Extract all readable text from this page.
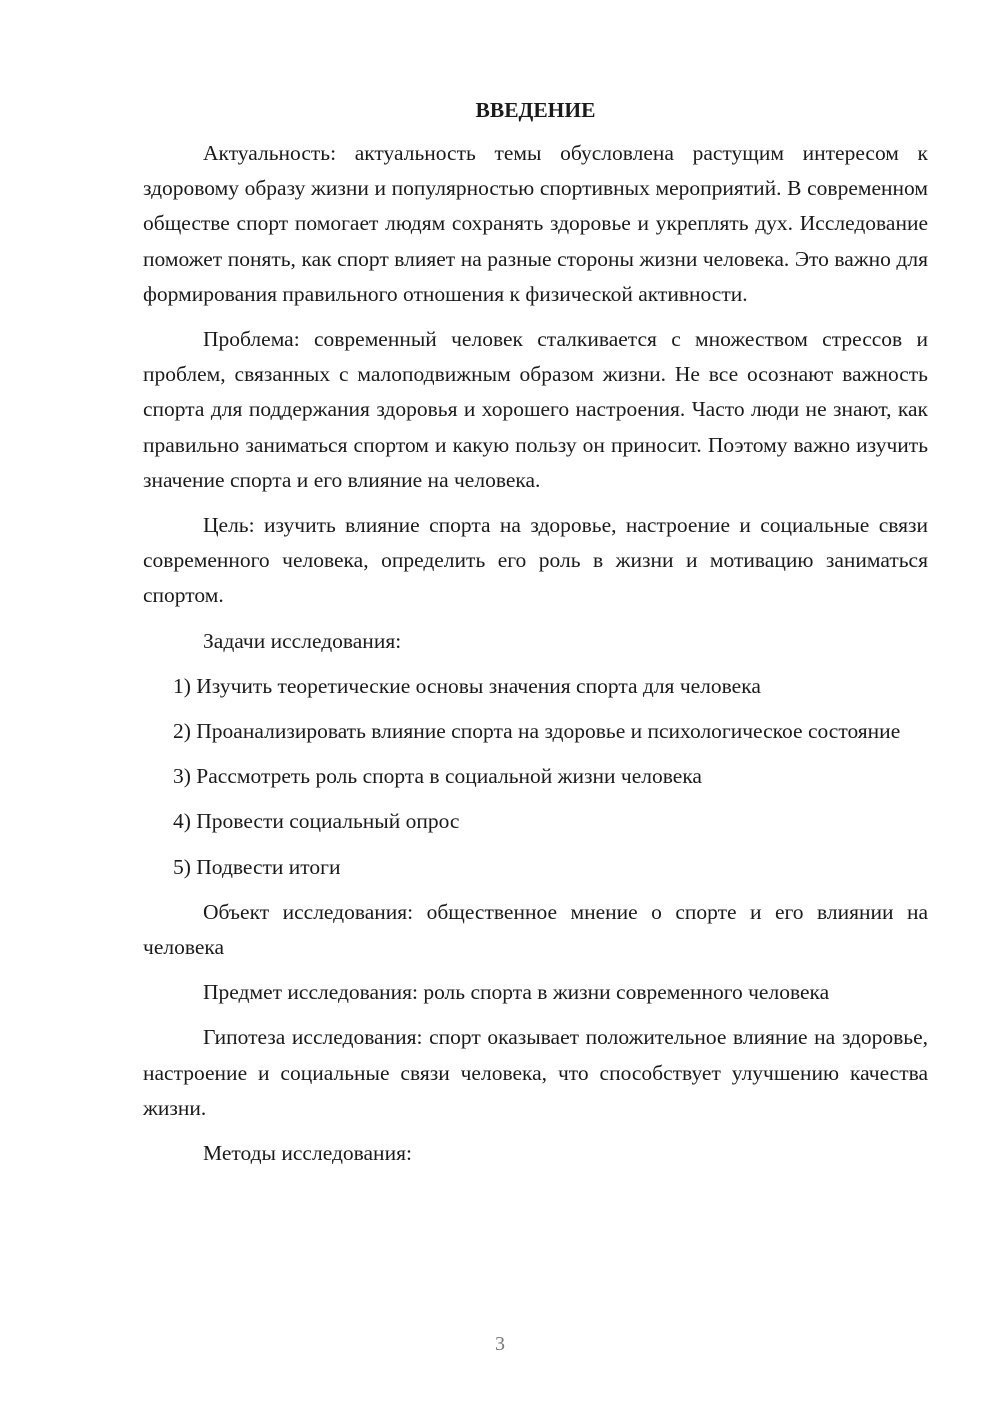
ВВЕДЕНИЕ

Актуальность: актуальность темы обусловлена растущим интересом к здоровому образу жизни и популярностью спортивных мероприятий. В современном обществе спорт помогает людям сохранять здоровье и укреплять дух. Исследование поможет понять, как спорт влияет на разные стороны жизни человека. Это важно для формирования правильного отношения к физической активности.

Проблема: современный человек сталкивается с множеством стрессов и проблем, связанных с малоподвижным образом жизни. Не все осознают важность спорта для поддержания здоровья и хорошего настроения. Часто люди не знают, как правильно заниматься спортом и какую пользу он приносит. Поэтому важно изучить значение спорта и его влияние на человека.

Цель: изучить влияние спорта на здоровье, настроение и социальные связи современного человека, определить его роль в жизни и мотивацию заниматься спортом.

Задачи исследования:

1) Изучить теоретические основы значения спорта для человека

2) Проанализировать влияние спорта на здоровье и психологическое состояние

3) Рассмотреть роль спорта в социальной жизни человека

4) Провести социальный опрос

5) Подвести итоги

Объект исследования: общественное мнение о спорте и его влиянии на человека

Предмет исследования: роль спорта в жизни современного человека

Гипотеза исследования: спорт оказывает положительное влияние на здоровье, настроение и социальные связи человека, что способствует улучшению качества жизни.

Методы исследования:

3
